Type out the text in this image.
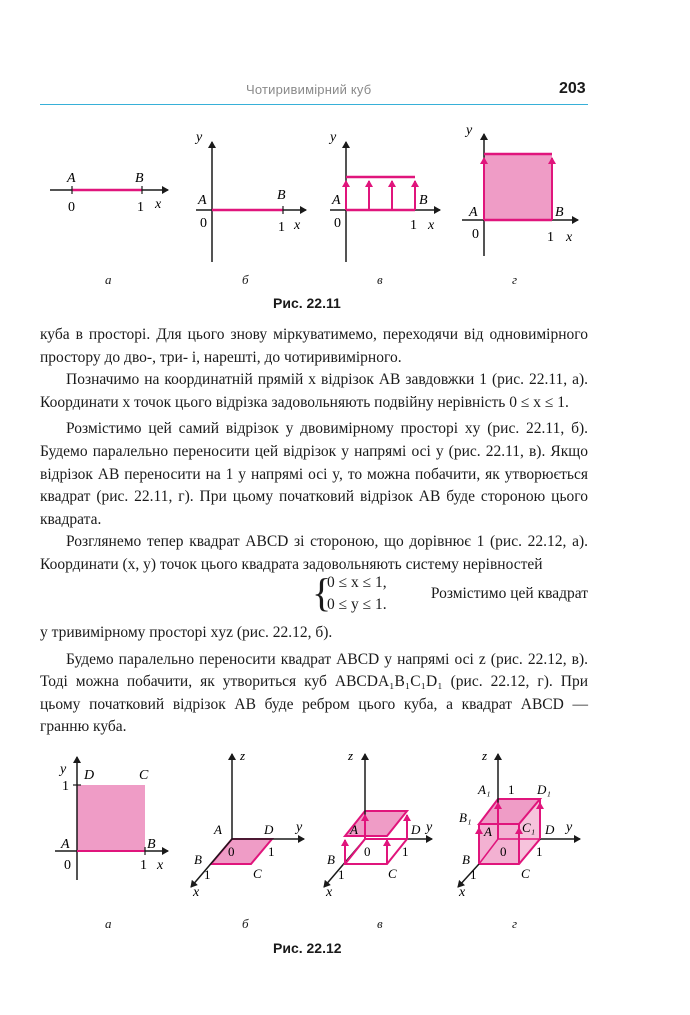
Чотиривимірний куб	203
A	B
0	1 x
y
A	B
0	1 x
y
A	B
0	1 x
y
A	B
0	1 x
а	б	в	г
Рис. 22.11

куба в просторі. Для цього знову міркуватимемо, переходячи від одновимірного простору до дво-, три- і, нарешті, до чотиривимірного.

Позначимо на координатній прямій x відрізок AB завдовжки 1 (рис. 22.11, а). Координати x точок цього відрізка задовольняють подвійну нерівність 0 ≤ x ≤ 1.

Розмістимо цей самий відрізок у двовимірному просторі xy (рис. 22.11, б). Будемо паралельно переносити цей відрізок у напрямі осі y (рис. 22.11, в). Якщо відрізок AB переносити на 1 у напрямі осі y, то можна побачити, як утворюється квадрат (рис. 22.11, г). При цьому початковий відрізок AB буде стороною цього квадрата.

Розглянемо тепер квадрат ABCD зі стороною, що дорівнює 1 (рис. 22.12, а). Координати (x, y) точок цього квадрата задовольняють систему нерівностей

{
0 ≤ x ≤ 1,
0 ≤ y ≤ 1.
Розмістимо цей квадрат

у тривимірному просторі xyz (рис. 22.12, б).

Будемо паралельно переносити квадрат ABCD у напрямі осі z (рис. 22.12, в). Тоді можна побачити, як утвориться куб ABCDA₁B₁C₁D₁ (рис. 22.12, г). При цьому початковий відрізок AB буде ребром цього куба, а квадрат ABCD — гранню куба.

y
1
D	C
A	B
0	1 x
z
y
x
A	D
B
C
0	1
1
z
y
x
A	D
B
C
0 1
1
z
y
x
A₁ 1 D₁
B₁
A C₁ D
B
C
0 1
1
а	б	в	г
Рис. 22.12
